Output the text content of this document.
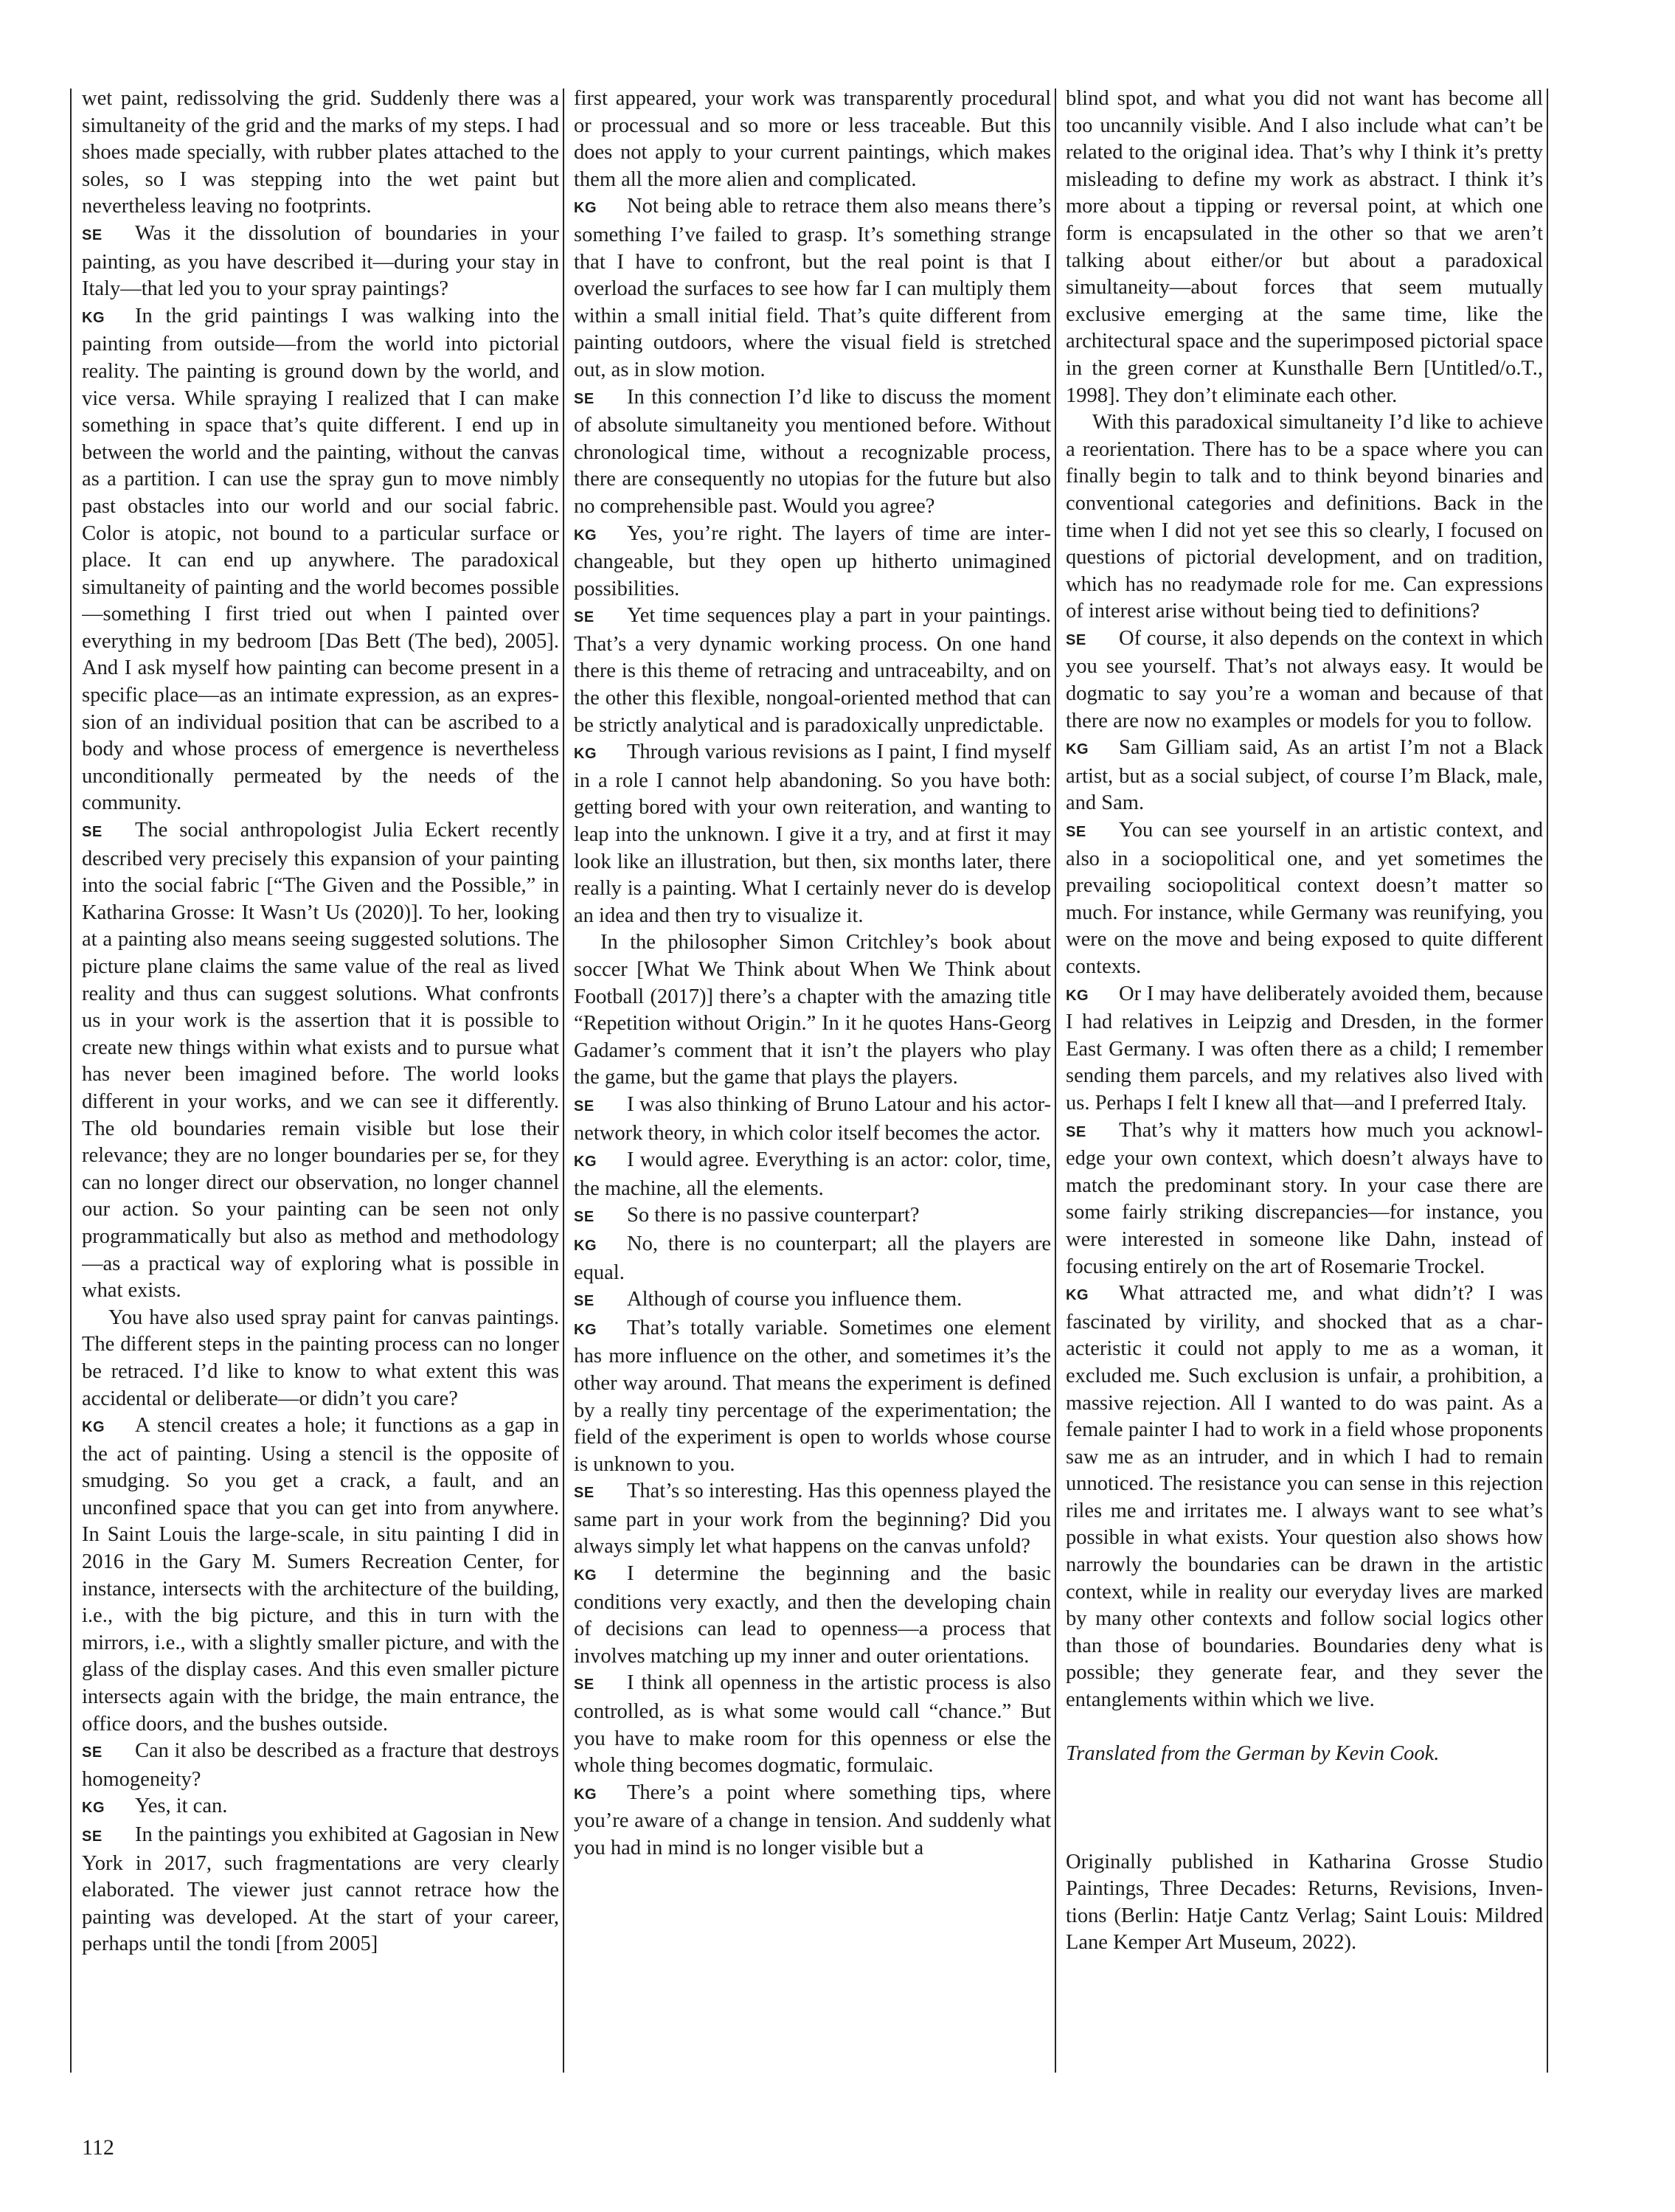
wet paint, redissolving the grid. Suddenly there was a simultaneity of the grid and the marks of my steps. I had shoes made specially, with rubber plates attached to the soles, so I was stepping into the wet paint but nevertheless leaving no footprints.

SE Was it the dissolution of boundaries in your painting, as you have described it—during your stay in Italy—that led you to your spray paintings?

KG In the grid paintings I was walking into the painting from outside—from the world into pictorial reality. The painting is ground down by the world, and vice versa. While spraying I realized that I can make something in space that’s quite different. I end up in between the world and the painting, without the canvas as a partition. I can use the spray gun to move nimbly past obstacles into our world and our social fabric. Color is atopic, not bound to a particular surface or place. It can end up anywhere. The paradoxical simultaneity of painting and the world becomes possible—something I first tried out when I painted over everything in my bedroom [Das Bett (The bed), 2005]. And I ask myself how painting can become present in a specific place—as an intimate expression, as an expression of an individual position that can be ascribed to a body and whose process of emergence is nevertheless unconditionally permeated by the needs of the community.

SE The social anthropologist Julia Eckert recently described very precisely this expansion of your painting into the social fabric [“The Given and the Possible,” in Katharina Grosse: It Wasn’t Us (2020)]. To her, looking at a painting also means seeing suggested solutions. The picture plane claims the same value of the real as lived reality and thus can suggest solutions. What confronts us in your work is the assertion that it is possible to create new things within what exists and to pursue what has never been imagined before. The world looks different in your works, and we can see it differently. The old boundaries remain visible but lose their relevance; they are no longer boundaries per se, for they can no longer direct our observation, no longer channel our action. So your painting can be seen not only programmatically but also as method and methodology—as a practical way of exploring what is possible in what exists.

You have also used spray paint for canvas paintings. The different steps in the painting process can no longer be retraced. I’d like to know to what extent this was accidental or deliberate—or didn’t you care?

KG A stencil creates a hole; it functions as a gap in the act of painting. Using a stencil is the opposite of smudging. So you get a crack, a fault, and an unconfined space that you can get into from anywhere. In Saint Louis the large-scale, in situ painting I did in 2016 in the Gary M. Sumers Recreation Center, for instance, intersects with the architecture of the building, i.e., with the big picture, and this in turn with the mirrors, i.e., with a slightly smaller picture, and with the glass of the display cases. And this even smaller picture intersects again with the bridge, the main entrance, the office doors, and the bushes outside.

SE Can it also be described as a fracture that destroys homogeneity?

KG Yes, it can.

SE In the paintings you exhibited at Gagosian in New York in 2017, such fragmentations are very clearly elaborated. The viewer just cannot retrace how the painting was developed. At the start of your career, perhaps until the tondi [from 2005]

first appeared, your work was transparently procedural or processual and so more or less traceable. But this does not apply to your current paintings, which makes them all the more alien and complicated.

KG Not being able to retrace them also means there’s something I’ve failed to grasp. It’s something strange that I have to confront, but the real point is that I overload the surfaces to see how far I can multiply them within a small initial field. That’s quite different from painting outdoors, where the visual field is stretched out, as in slow motion.

SE In this connection I’d like to discuss the moment of absolute simultaneity you mentioned before. Without chronological time, without a recognizable process, there are consequently no utopias for the future but also no comprehensible past. Would you agree?

KG Yes, you’re right. The layers of time are interchangeable, but they open up hitherto unimagined possibilities.

SE Yet time sequences play a part in your paintings. That’s a very dynamic working process. On one hand there is this theme of retracing and untraceabilty, and on the other this flexible, nongoal-oriented method that can be strictly analytical and is paradoxically unpredictable.

KG Through various revisions as I paint, I find myself in a role I cannot help abandoning. So you have both: getting bored with your own reiteration, and wanting to leap into the unknown. I give it a try, and at first it may look like an illustration, but then, six months later, there really is a painting. What I certainly never do is develop an idea and then try to visualize it.

In the philosopher Simon Critchley’s book about soccer [What We Think about When We Think about Football (2017)] there’s a chapter with the amazing title “Repetition without Origin.” In it he quotes Hans-Georg Gadamer’s comment that it isn’t the players who play the game, but the game that plays the players.

SE I was also thinking of Bruno Latour and his actor-network theory, in which color itself becomes the actor.

KG I would agree. Everything is an actor: color, time, the machine, all the elements.

SE So there is no passive counterpart?

KG No, there is no counterpart; all the players are equal.

SE Although of course you influence them.

KG That’s totally variable. Sometimes one element has more influence on the other, and sometimes it’s the other way around. That means the experiment is defined by a really tiny percentage of the experimentation; the field of the experiment is open to worlds whose course is unknown to you.

SE That’s so interesting. Has this openness played the same part in your work from the beginning? Did you always simply let what happens on the canvas unfold?

KG I determine the beginning and the basic conditions very exactly, and then the developing chain of decisions can lead to openness—a process that involves matching up my inner and outer orientations.

SE I think all openness in the artistic process is also controlled, as is what some would call “chance.” But you have to make room for this openness or else the whole thing becomes dogmatic, formulaic.

KG There’s a point where something tips, where you’re aware of a change in tension. And suddenly what you had in mind is no longer visible but a

blind spot, and what you did not want has become all too uncannily visible. And I also include what can’t be related to the original idea. That’s why I think it’s pretty misleading to define my work as abstract. I think it’s more about a tipping or reversal point, at which one form is encapsulated in the other so that we aren’t talking about either/or but about a paradoxical simultaneity—about forces that seem mutually exclusive emerging at the same time, like the architectural space and the superimposed pictorial space in the green corner at Kunsthalle Bern [Untitled/o.T., 1998]. They don’t eliminate each other.

With this paradoxical simultaneity I’d like to achieve a reorientation. There has to be a space where you can finally begin to talk and to think beyond binaries and conventional categories and definitions. Back in the time when I did not yet see this so clearly, I focused on questions of pictorial development, and on tradition, which has no readymade role for me. Can expressions of interest arise without being tied to definitions?

SE Of course, it also depends on the context in which you see yourself. That’s not always easy. It would be dogmatic to say you’re a woman and because of that there are now no examples or models for you to follow.

KG Sam Gilliam said, As an artist I’m not a Black artist, but as a social subject, of course I’m Black, male, and Sam.

SE You can see yourself in an artistic context, and also in a sociopolitical one, and yet sometimes the prevailing sociopolitical context doesn’t matter so much. For instance, while Germany was reunifying, you were on the move and being exposed to quite different contexts.

KG Or I may have deliberately avoided them, because I had relatives in Leipzig and Dresden, in the former East Germany. I was often there as a child; I remember sending them parcels, and my relatives also lived with us. Perhaps I felt I knew all that—and I preferred Italy.

SE That’s why it matters how much you acknowledge your own context, which doesn’t always have to match the predominant story. In your case there are some fairly striking discrepancies—for instance, you were interested in someone like Dahn, instead of focusing entirely on the art of Rosemarie Trockel.

KG What attracted me, and what didn’t? I was fascinated by virility, and shocked that as a characteristic it could not apply to me as a woman, it excluded me. Such exclusion is unfair, a prohibition, a massive rejection. All I wanted to do was paint. As a female painter I had to work in a field whose proponents saw me as an intruder, and in which I had to remain unnoticed. The resistance you can sense in this rejection riles me and irritates me. I always want to see what’s possible in what exists. Your question also shows how narrowly the boundaries can be drawn in the artistic context, while in reality our everyday lives are marked by many other contexts and follow social logics other than those of boundaries. Boundaries deny what is possible; they generate fear, and they sever the entanglements within which we live.

Translated from the German by Kevin Cook.

Originally published in Katharina Grosse Studio Paintings, Three Decades: Returns, Revisions, Inventions (Berlin: Hatje Cantz Verlag; Saint Louis: Mildred Lane Kemper Art Museum, 2022).

112
